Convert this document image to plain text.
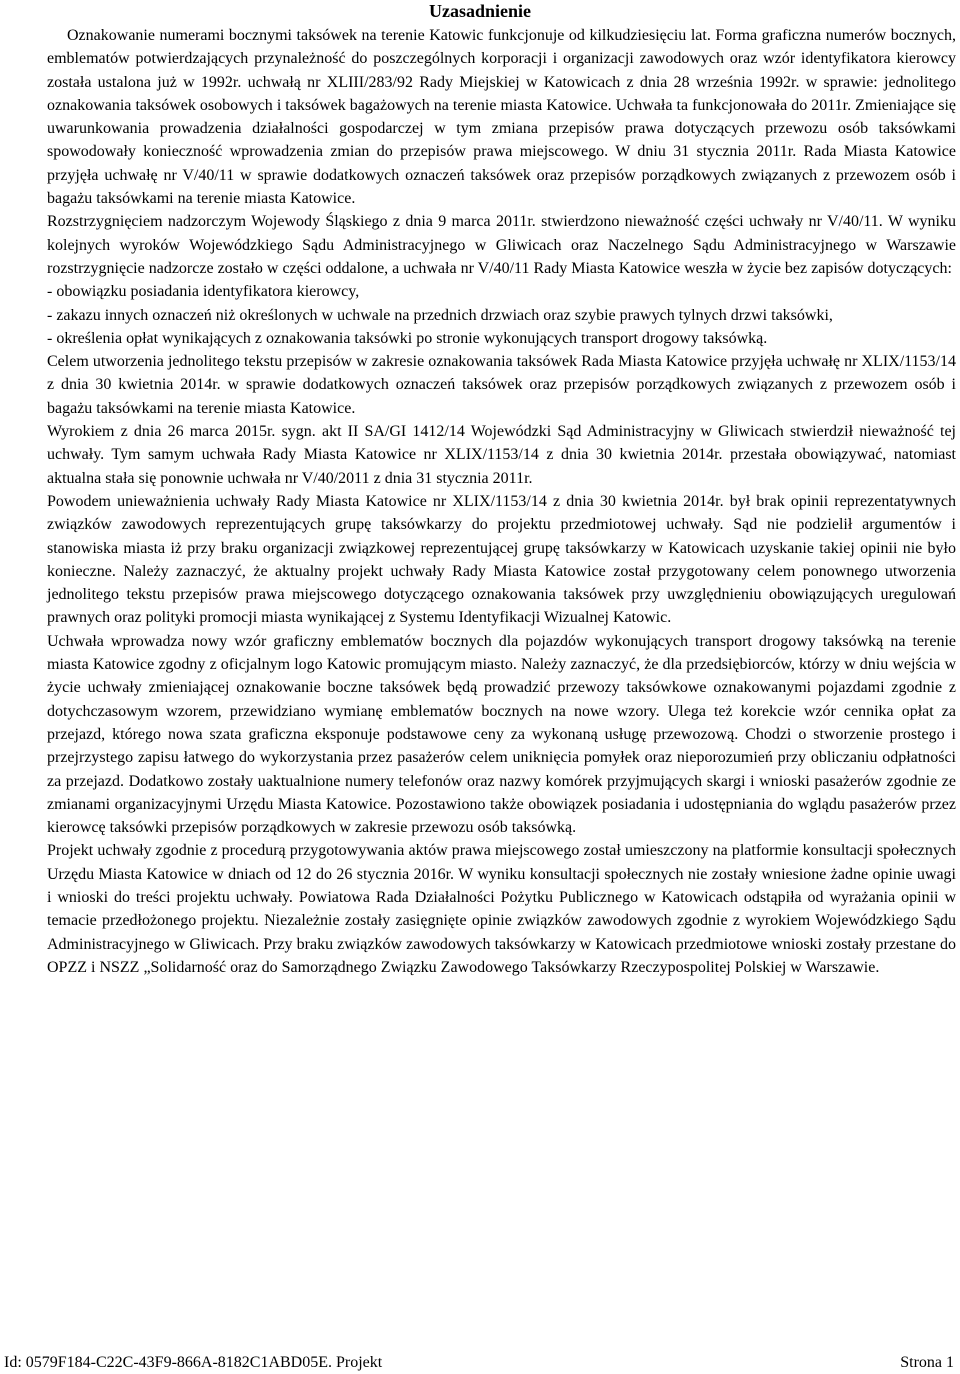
Uzasadnienie

Oznakowanie numerami bocznymi taksówek na terenie Katowic funkcjonuje od kilkudziesięciu lat. Forma graficzna numerów bocznych, emblematów potwierdzających przynależność do poszczególnych korporacji i organizacji zawodowych oraz wzór identyfikatora kierowcy została ustalona już w 1992r. uchwałą nr XLIII/283/92 Rady Miejskiej w Katowicach z dnia 28 września 1992r. w sprawie: jednolitego oznakowania taksówek osobowych i taksówek bagażowych na terenie miasta Katowice. Uchwała ta funkcjonowała do 2011r. Zmieniające się uwarunkowania prowadzenia działalności gospodarczej w tym zmiana przepisów prawa dotyczących przewozu osób taksówkami spowodowały konieczność wprowadzenia zmian do przepisów prawa miejscowego. W dniu 31 stycznia 2011r. Rada Miasta Katowice przyjęła uchwałę nr V/40/11 w sprawie dodatkowych oznaczeń taksówek oraz przepisów porządkowych związanych z przewozem osób i bagażu taksówkami na terenie miasta Katowice.

Rozstrzygnięciem nadzorczym Wojewody Śląskiego z dnia 9 marca 2011r. stwierdzono nieważność części uchwały nr V/40/11. W wyniku kolejnych wyroków Wojewódzkiego Sądu Administracyjnego w Gliwicach oraz Naczelnego Sądu Administracyjnego w Warszawie rozstrzygnięcie nadzorcze zostało w części oddalone, a uchwała nr V/40/11 Rady Miasta Katowice weszła w życie bez zapisów dotyczących:

- obowiązku posiadania identyfikatora kierowcy,

- zakazu innych oznaczeń niż określonych w uchwale na przednich drzwiach oraz szybie prawych tylnych drzwi taksówki,

- określenia opłat wynikających z oznakowania taksówki po stronie wykonujących transport drogowy taksówką.

Celem utworzenia jednolitego tekstu przepisów w zakresie oznakowania taksówek Rada Miasta Katowice przyjęła uchwałę nr XLIX/1153/14 z dnia 30 kwietnia 2014r. w sprawie dodatkowych oznaczeń taksówek oraz przepisów porządkowych związanych z przewozem osób i bagażu taksówkami na terenie miasta Katowice.

Wyrokiem z dnia 26 marca 2015r. sygn. akt II SA/GI 1412/14 Wojewódzki Sąd Administracyjny w Gliwicach stwierdził nieważność tej uchwały. Tym samym uchwała Rady Miasta Katowice nr XLIX/1153/14 z dnia 30 kwietnia 2014r. przestała obowiązywać, natomiast aktualna stała się ponownie uchwała nr V/40/2011 z dnia 31 stycznia 2011r.

Powodem unieważnienia uchwały Rady Miasta Katowice nr XLIX/1153/14 z dnia 30 kwietnia 2014r. był brak opinii reprezentatywnych związków zawodowych reprezentujących grupę taksówkarzy do projektu przedmiotowej uchwały. Sąd nie podzielił argumentów i stanowiska miasta iż przy braku organizacji związkowej reprezentującej grupę taksówkarzy w Katowicach uzyskanie takiej opinii nie było konieczne. Należy zaznaczyć, że aktualny projekt uchwały Rady Miasta Katowice został przygotowany celem ponownego utworzenia jednolitego tekstu przepisów prawa miejscowego dotyczącego oznakowania taksówek przy uwzględnieniu obowiązujących uregulowań prawnych oraz polityki promocji miasta wynikającej z Systemu Identyfikacji Wizualnej Katowic.

Uchwała wprowadza nowy wzór graficzny emblematów bocznych dla pojazdów wykonujących transport drogowy taksówką na terenie miasta Katowice zgodny z oficjalnym logo Katowic promującym miasto. Należy zaznaczyć, że dla przedsiębiorców, którzy w dniu wejścia w życie uchwały zmieniającej oznakowanie boczne taksówek będą prowadzić przewozy taksówkowe oznakowanymi pojazdami zgodnie z dotychczasowym wzorem, przewidziano wymianę emblematów bocznych na nowe wzory. Ulega też korekcie wzór cennika opłat za przejazd, którego nowa szata graficzna eksponuje podstawowe ceny za wykonaną usługę przewozową. Chodzi o stworzenie prostego i przejrzystego zapisu łatwego do wykorzystania przez pasażerów celem uniknięcia pomyłek oraz nieporozumień przy obliczaniu odpłatności za przejazd. Dodatkowo zostały uaktualnione numery telefonów oraz nazwy komórek przyjmujących skargi i wnioski pasażerów zgodnie ze zmianami organizacyjnymi Urzędu Miasta Katowice. Pozostawiono także obowiązek posiadania i udostępniania do wglądu pasażerów przez kierowcę taksówki przepisów porządkowych w zakresie przewozu osób taksówką.

Projekt uchwały zgodnie z procedurą przygotowywania aktów prawa miejscowego został umieszczony na platformie konsultacji społecznych Urzędu Miasta Katowice w dniach od 12 do 26 stycznia 2016r. W wyniku konsultacji społecznych nie zostały wniesione żadne opinie uwagi i wnioski do treści projektu uchwały. Powiatowa Rada Działalności Pożytku Publicznego w Katowicach odstąpiła od wyrażania opinii w temacie przedłożonego projektu. Niezależnie zostały zasięgnięte opinie związków zawodowych zgodnie z wyrokiem Wojewódzkiego Sądu Administracyjnego w Gliwicach. Przy braku związków zawodowych taksówkarzy w Katowicach przedmiotowe wnioski zostały przestane do OPZZ i NSZZ „Solidarność oraz do Samorządnego Związku Zawodowego Taksówkarzy Rzeczypospolitej Polskiej w Warszawie.

Id: 0579F184-C22C-43F9-866A-8182C1ABD05E. Projekt	Strona 1
